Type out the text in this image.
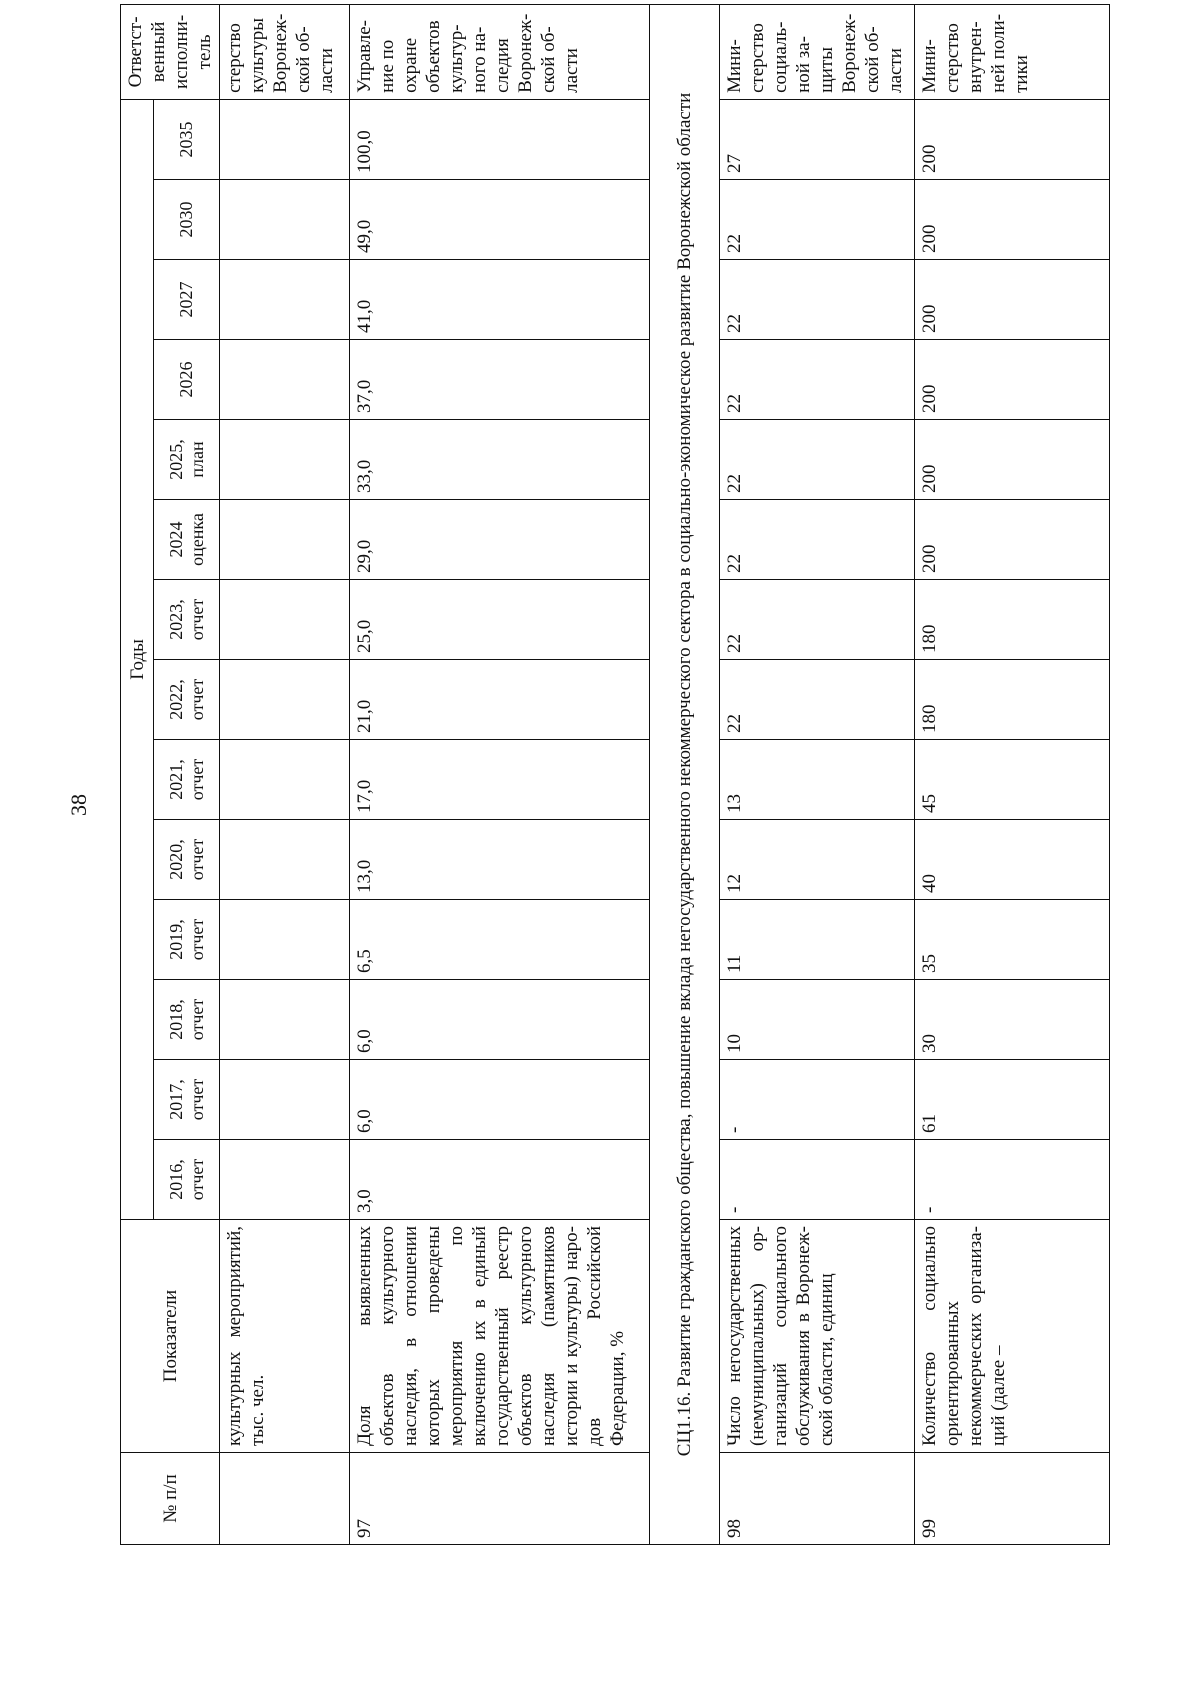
38
№ п/п	Показатели	Годы														Ответственный исполнитель
		2016, отчет	2017, отчет	2018, отчет	2019, отчет	2020, отчет	2021, отчет	2022, отчет	2023, отчет	2024 оценка	2025, план	2026	2027	2030	2035	
	культурных мероприятий, тыс. чел.															стерство культуры Воронежской области
97	Доля выявленных объектов культурного наследия, в отношении которых проведены мероприятия по включению их в единый государственный реестр объектов культурного наследия (памятников истории и культуры) народов Российской Федерации, %	3,0	6,0	6,0	6,5	13,0	17,0	21,0	25,0	29,0	33,0	37,0	41,0	49,0	100,0	Управление по охране объектов культурного наследия Воронежской области
СЦ1.16. Развитие гражданского общества, повышение вклада негосударственного некоммерческого сектора в социально-экономическое развитие Воронежской области																
98	Число негосударственных (немуниципальных) организаций социального обслуживания в Воронежской области, единиц	-	-	10	11	12	13	22	22	22	22	22	22	22	27	Министерство социальной защиты Воронежской области
99	Количество социально ориентированных некоммерческих организаций (далее –	-	61	30	35	40	45	180	180	200	200	200	200	200	200	Министерство внутренней политики
